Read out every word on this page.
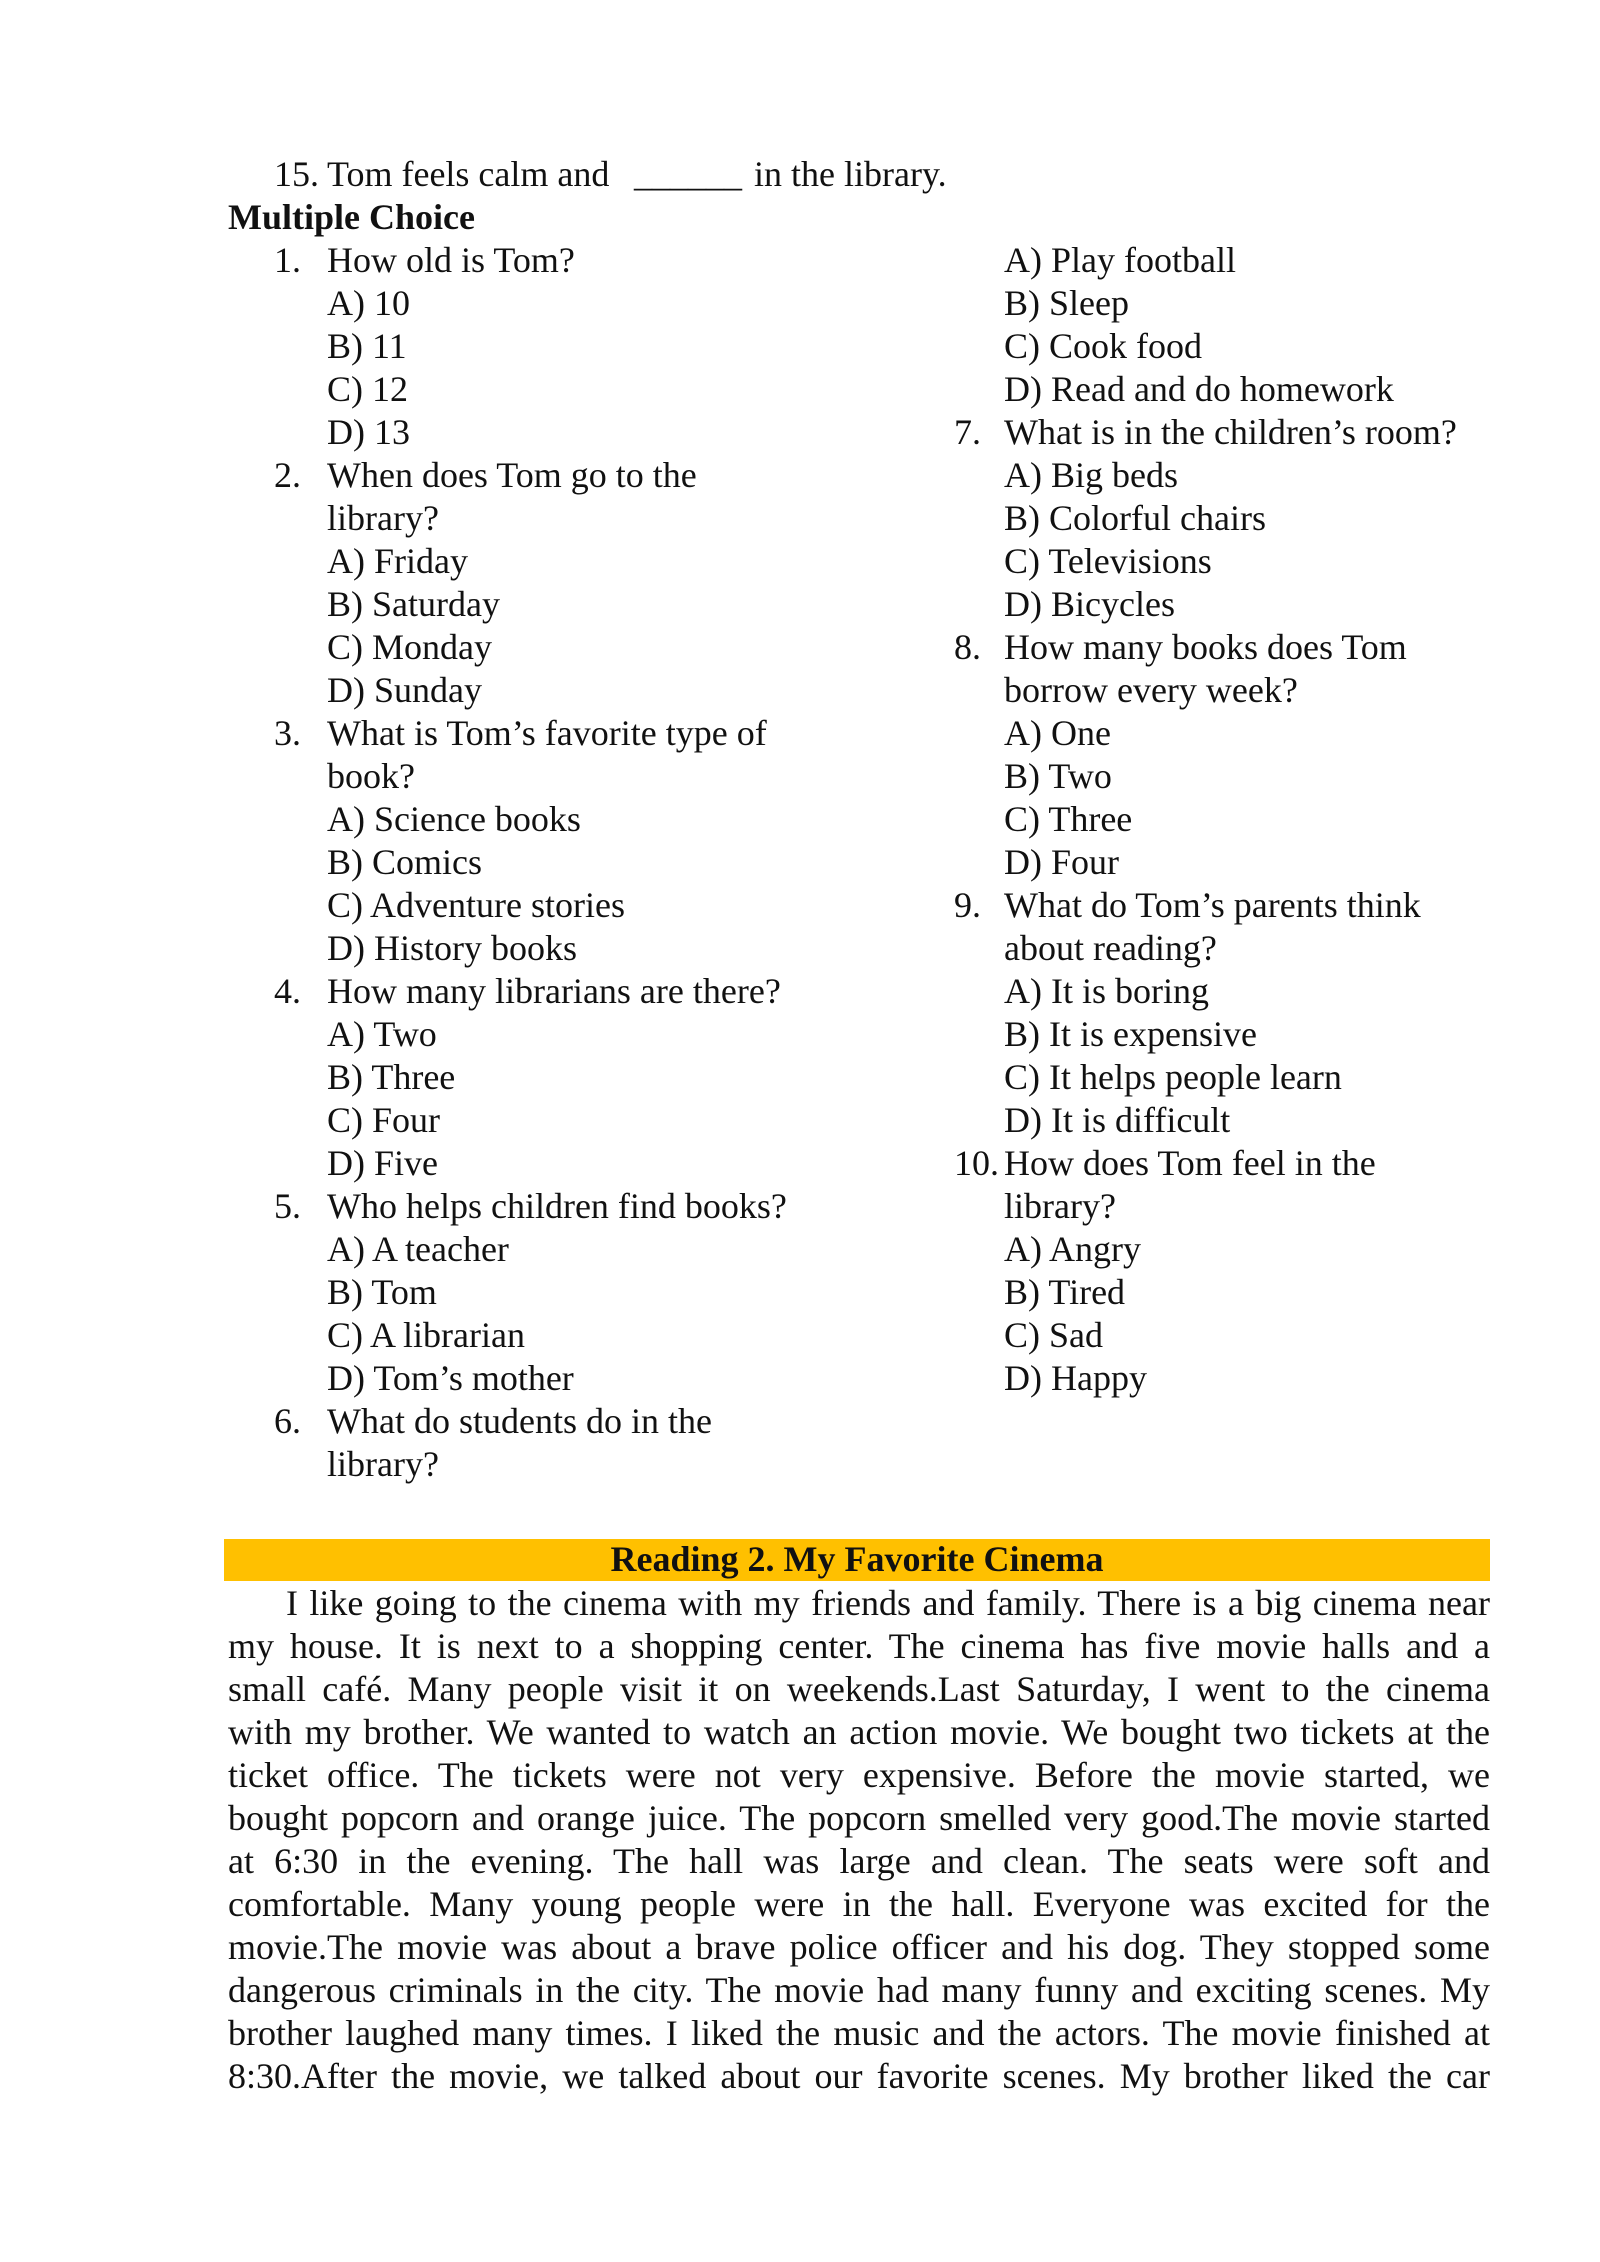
15. Tom feels calm and ______ in the library.
Multiple Choice
1. How old is Tom?
A) 10
B) 11
C) 12
D) 13
2. When does Tom go to the
library?
A) Friday
B) Saturday
C) Monday
D) Sunday
3. What is Tom’s favorite type of
book?
A) Science books
B) Comics
C) Adventure stories
D) History books
4. How many librarians are there?
A) Two
B) Three
C) Four
D) Five
5. Who helps children find books?
A) A teacher
B) Tom
C) A librarian
D) Tom’s mother
6. What do students do in the
library?
A) Play football
B) Sleep
C) Cook food
D) Read and do homework
7. What is in the children’s room?
A) Big beds
B) Colorful chairs
C) Televisions
D) Bicycles
8. How many books does Tom
borrow every week?
A) One
B) Two
C) Three
D) Four
9. What do Tom’s parents think
about reading?
A) It is boring
B) It is expensive
C) It helps people learn
D) It is difficult
10. How does Tom feel in the
library?
A) Angry
B) Tired
C) Sad
D) Happy
Reading 2. My Favorite Cinema
I like going to the cinema with my friends and family. There is a big cinema near
my house. It is next to a shopping center. The cinema has five movie halls and a
small café. Many people visit it on weekends.Last Saturday, I went to the cinema
with my brother. We wanted to watch an action movie. We bought two tickets at the
ticket office. The tickets were not very expensive. Before the movie started, we
bought popcorn and orange juice. The popcorn smelled very good.The movie started
at 6:30 in the evening. The hall was large and clean. The seats were soft and
comfortable. Many young people were in the hall. Everyone was excited for the
movie.The movie was about a brave police officer and his dog. They stopped some
dangerous criminals in the city. The movie had many funny and exciting scenes. My
brother laughed many times. I liked the music and the actors. The movie finished at
8:30.After the movie, we talked about our favorite scenes. My brother liked the car
